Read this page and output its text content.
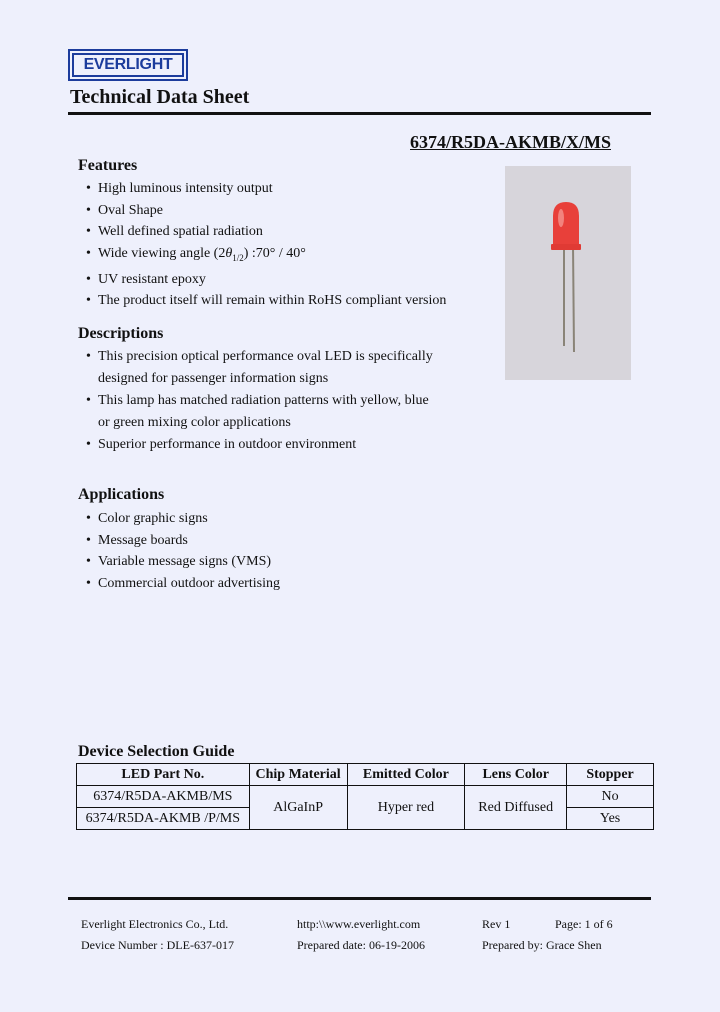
EVERLIGHT
Technical Data Sheet
6374/R5DA-AKMB/X/MS
Features
• High luminous intensity output
• Oval Shape
• Well defined spatial radiation
• Wide viewing angle $(2\theta_{1/2})$ :70° / 40°
• UV resistant epoxy
• The product itself will remain within RoHS compliant version
Descriptions
• This precision optical performance oval LED is specifically
designed for passenger information signs
• This lamp has matched radiation patterns with yellow, blue
or green mixing color applications
• Superior performance in outdoor environment
Applications
• Color graphic signs
• Message boards
• Variable message signs (VMS)
• Commercial outdoor advertising
Device Selection Guide
LED Part No.	Chip Material	Emitted Color	Lens Color	Stopper
6374/R5DA-AKMB/MS	AlGaInP	Hyper red	Red Diffused	No
6374/R5DA-AKMB /P/MS				Yes
Everlight Electronics Co., Ltd.	http:\\www.everlight.com	Rev 1	Page: 1 of 6
Device Number : DLE-637-017	Prepared date: 06-19-2006	Prepared by: Grace Shen
